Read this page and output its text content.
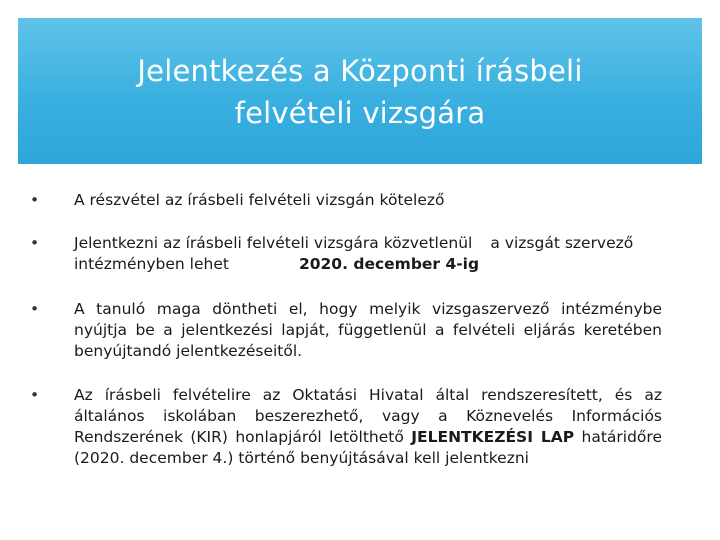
Jelentkezés a Központi írásbeli
felvételi vizsgára
• A részvétel az írásbeli felvételi vizsgán kötelező
• Jelentkezni az írásbeli felvételi vizsgára közvetlenül a vizsgát szervező intézményben lehet	2020. december 4-ig
• A tanuló maga döntheti el, hogy melyik vizsgaszervező intézménybe nyújtja be a jelentkezési lapját, függetlenül a felvételi eljárás keretében benyújtandó jelentkezéseitől.
• Az írásbeli felvételire az Oktatási Hivatal által rendszeresített, és az általános iskolában beszerezhető, vagy a Köznevelés Információs Rendszerének (KIR) honlapjáról letölthető JELENTKEZÉSI LAP határidőre (2020. december 4.) történő benyújtásával kell jelentkezni
